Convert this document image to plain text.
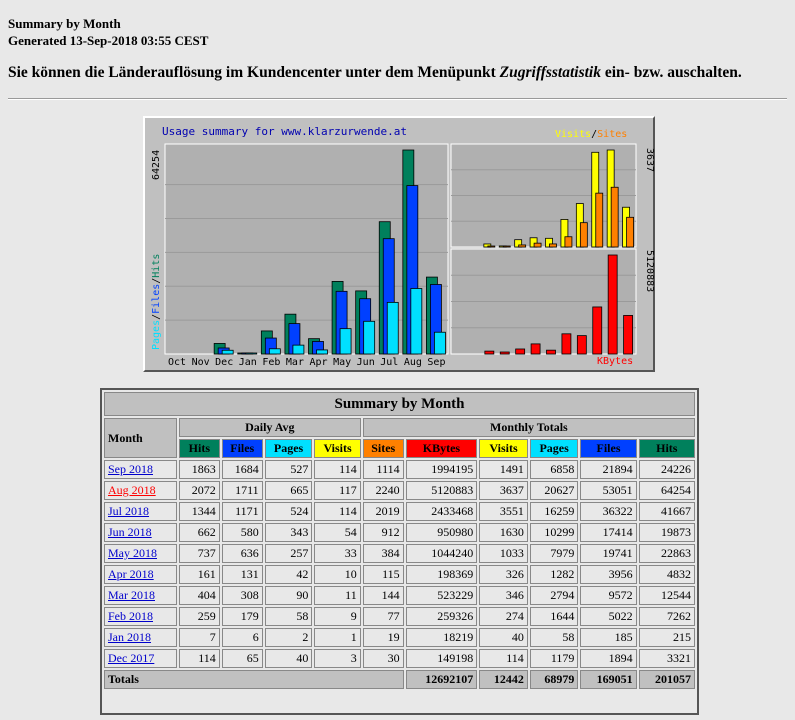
Summary by Month
Generated 13-Sep-2018 03:55 CEST
Sie können die Länderauflösung im Kundencenter unter dem Menüpunkt Zugriffsstatistik ein- bzw. auschalten.
Usage summary for www.klarzurwende.at	Visits/Sites
Oct Nov Dec Jan Feb Mar Apr May Jun Jul Aug Sep
64254
Pages/Files/Hits
3637
5120883
KBytes
Summary by Month										
Month	Daily Avg				Monthly Totals					
	Hits	Files	Pages	Visits	Sites	KBytes	Visits	Pages	Files	Hits
Sep 2018	1863	1684	527	114	1114	1994195	1491	6858	21894	24226
Aug 2018	2072	1711	665	117	2240	5120883	3637	20627	53051	64254
Jul 2018	1344	1171	524	114	2019	2433468	3551	16259	36322	41667
Jun 2018	662	580	343	54	912	950980	1630	10299	17414	19873
May 2018	737	636	257	33	384	1044240	1033	7979	19741	22863
Apr 2018	161	131	42	10	115	198369	326	1282	3956	4832
Mar 2018	404	308	90	11	144	523229	346	2794	9572	12544
Feb 2018	259	179	58	9	77	259326	274	1644	5022	7262
Jan 2018	7	6	2	1	19	18219	40	58	185	215
Dec 2017	114	65	40	3	30	149198	114	1179	1894	3321
Totals						12692107	12442	68979	169051	201057
